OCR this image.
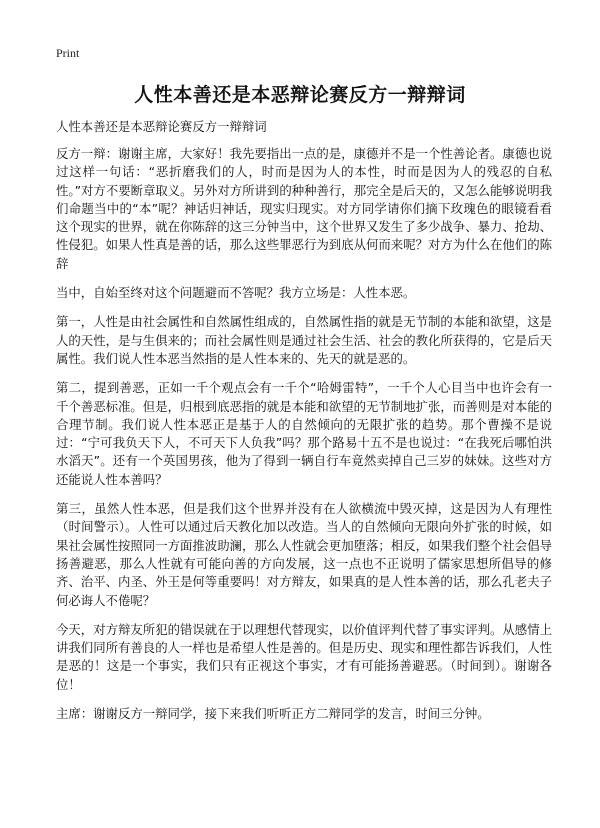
Print
人性本善还是本恶辩论赛反方一辩辩词

人性本善还是本恶辩论赛反方一辩辩词

反方一辩：谢谢主席，大家好！我先要指出一点的是，康德并不是一个性善论者。康德也说过这样一句话：“恶折磨我们的人，时而是因为人的本性，时而是因为人的残忍的自私性。”对方不要断章取义。另外对方所讲到的种种善行，那完全是后天的，又怎么能够说明我们命题当中的“本”呢？神话归神话，现实归现实。对方同学请你们摘下玫瑰色的眼镜看看这个现实的世界，就在你陈辞的这三分钟当中，这个世界又发生了多少战争、暴力、抢劫、性侵犯。如果人性真是善的话，那么这些罪恶行为到底从何而来呢？对方为什么在他们的陈辞

当中，自始至终对这个问题避而不答呢？我方立场是：人性本恶。

第一，人性是由社会属性和自然属性组成的，自然属性指的就是无节制的本能和欲望，这是人的天性，是与生俱来的；而社会属性则是通过社会生活、社会的教化所获得的，它是后天属性。我们说人性本恶当然指的是人性本来的、先天的就是恶的。

第二，提到善恶，正如一千个观点会有一千个“哈姆雷特”，一千个人心目当中也许会有一千个善恶标准。但是，归根到底恶指的就是本能和欲望的无节制地扩张，而善则是对本能的合理节制。我们说人性本恶正是基于人的自然倾向的无限扩张的趋势。那个曹操不是说过：“宁可我负天下人，不可天下人负我”吗？那个路易十五不是也说过：“在我死后哪怕洪水滔天”。还有一个英国男孩，他为了得到一辆自行车竟然卖掉自己三岁的妹妹。这些对方还能说人性本善吗？

第三，虽然人性本恶，但是我们这个世界并没有在人欲横流中毁灭掉，这是因为人有理性（时间警示）。人性可以通过后天教化加以改造。当人的自然倾向无限向外扩张的时候，如果社会属性按照同一方面推波助澜，那么人性就会更加堕落；相反，如果我们整个社会倡导扬善避恶，那么人性就有可能向善的方向发展，这一点也不正说明了儒家思想所倡导的修齐、治平、内圣、外王是何等重要吗！对方辩友，如果真的是人性本善的话，那么孔老夫子何必诲人不倦呢？

今天，对方辩友所犯的错误就在于以理想代替现实，以价值评判代替了事实评判。从感情上讲我们同所有善良的人一样也是希望人性是善的。但是历史、现实和理性都告诉我们，人性是恶的！这是一个事实，我们只有正视这个事实，才有可能扬善避恶。（时间到）。谢谢各位！

主席：谢谢反方一辩同学，接下来我们听听正方二辩同学的发言，时间三分钟。
